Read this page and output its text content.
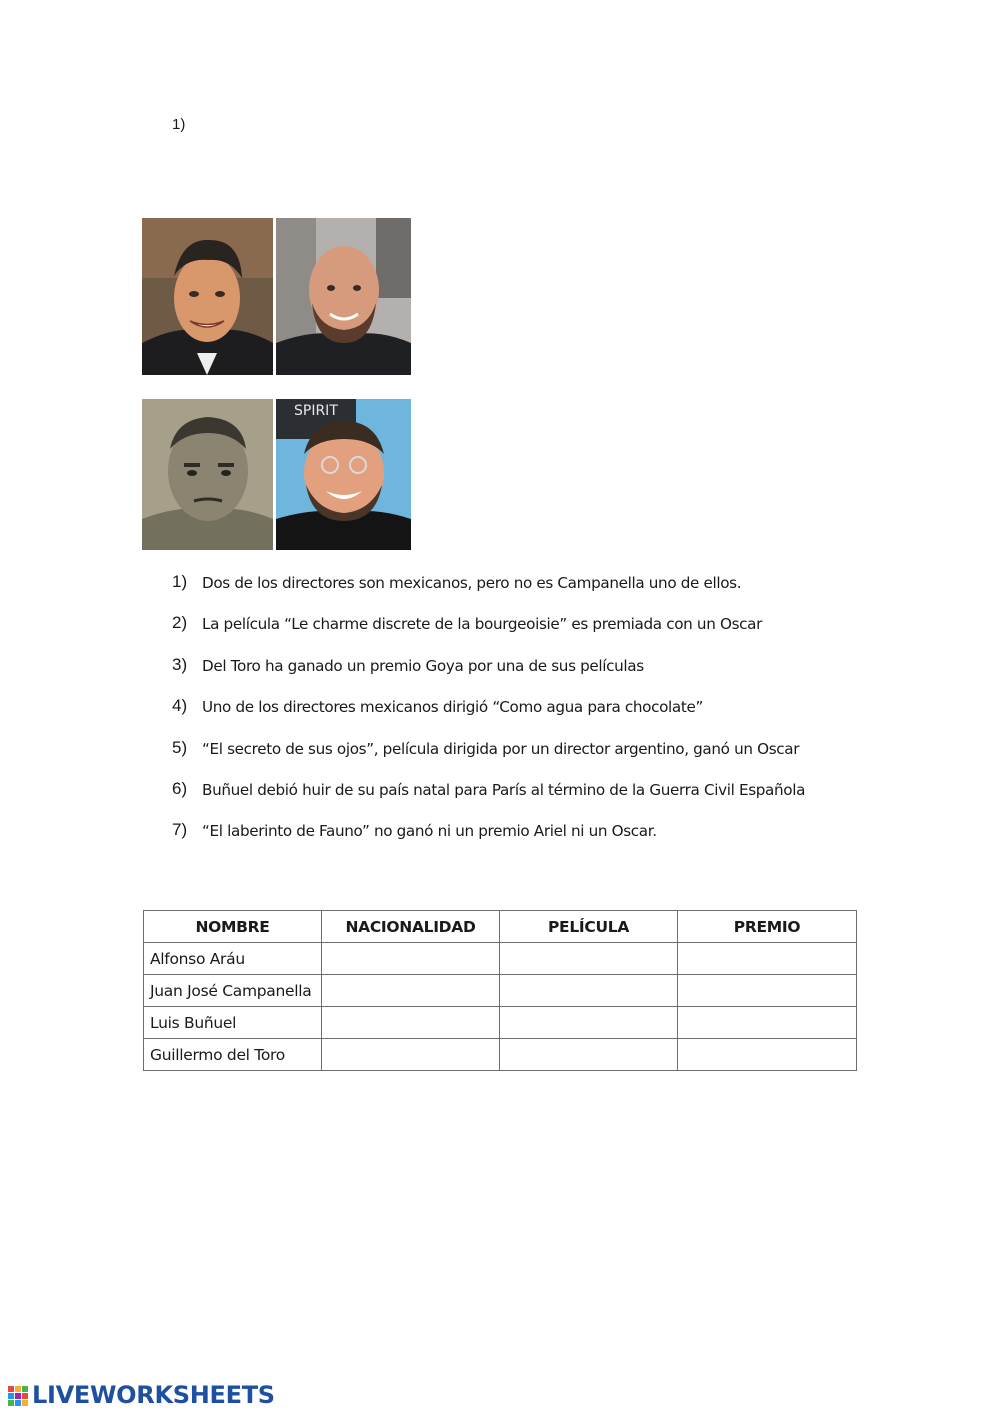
1)
SPIRIT
1) Dos de los directores son mexicanos, pero no es Campanella uno de ellos.
2) La película “Le charme discrete de la bourgeoisie” es premiada con un Oscar
3) Del Toro ha ganado un premio Goya por una de sus películas
4) Uno de los directores mexicanos dirigió “Como agua para chocolate”
5) “El secreto de sus ojos”, película dirigida por un director argentino, ganó un Oscar
6) Buñuel debió huir de su país natal para París al término de la Guerra Civil Española
7) “El laberinto de Fauno” no ganó ni un premio Ariel ni un Oscar.
NOMBRE	NACIONALIDAD	PELÍCULA	PREMIO
Alfonso Aráu			
Juan José Campanella			
Luis Buñuel			
Guillermo del Toro			
LIVEWORKSHEETS
